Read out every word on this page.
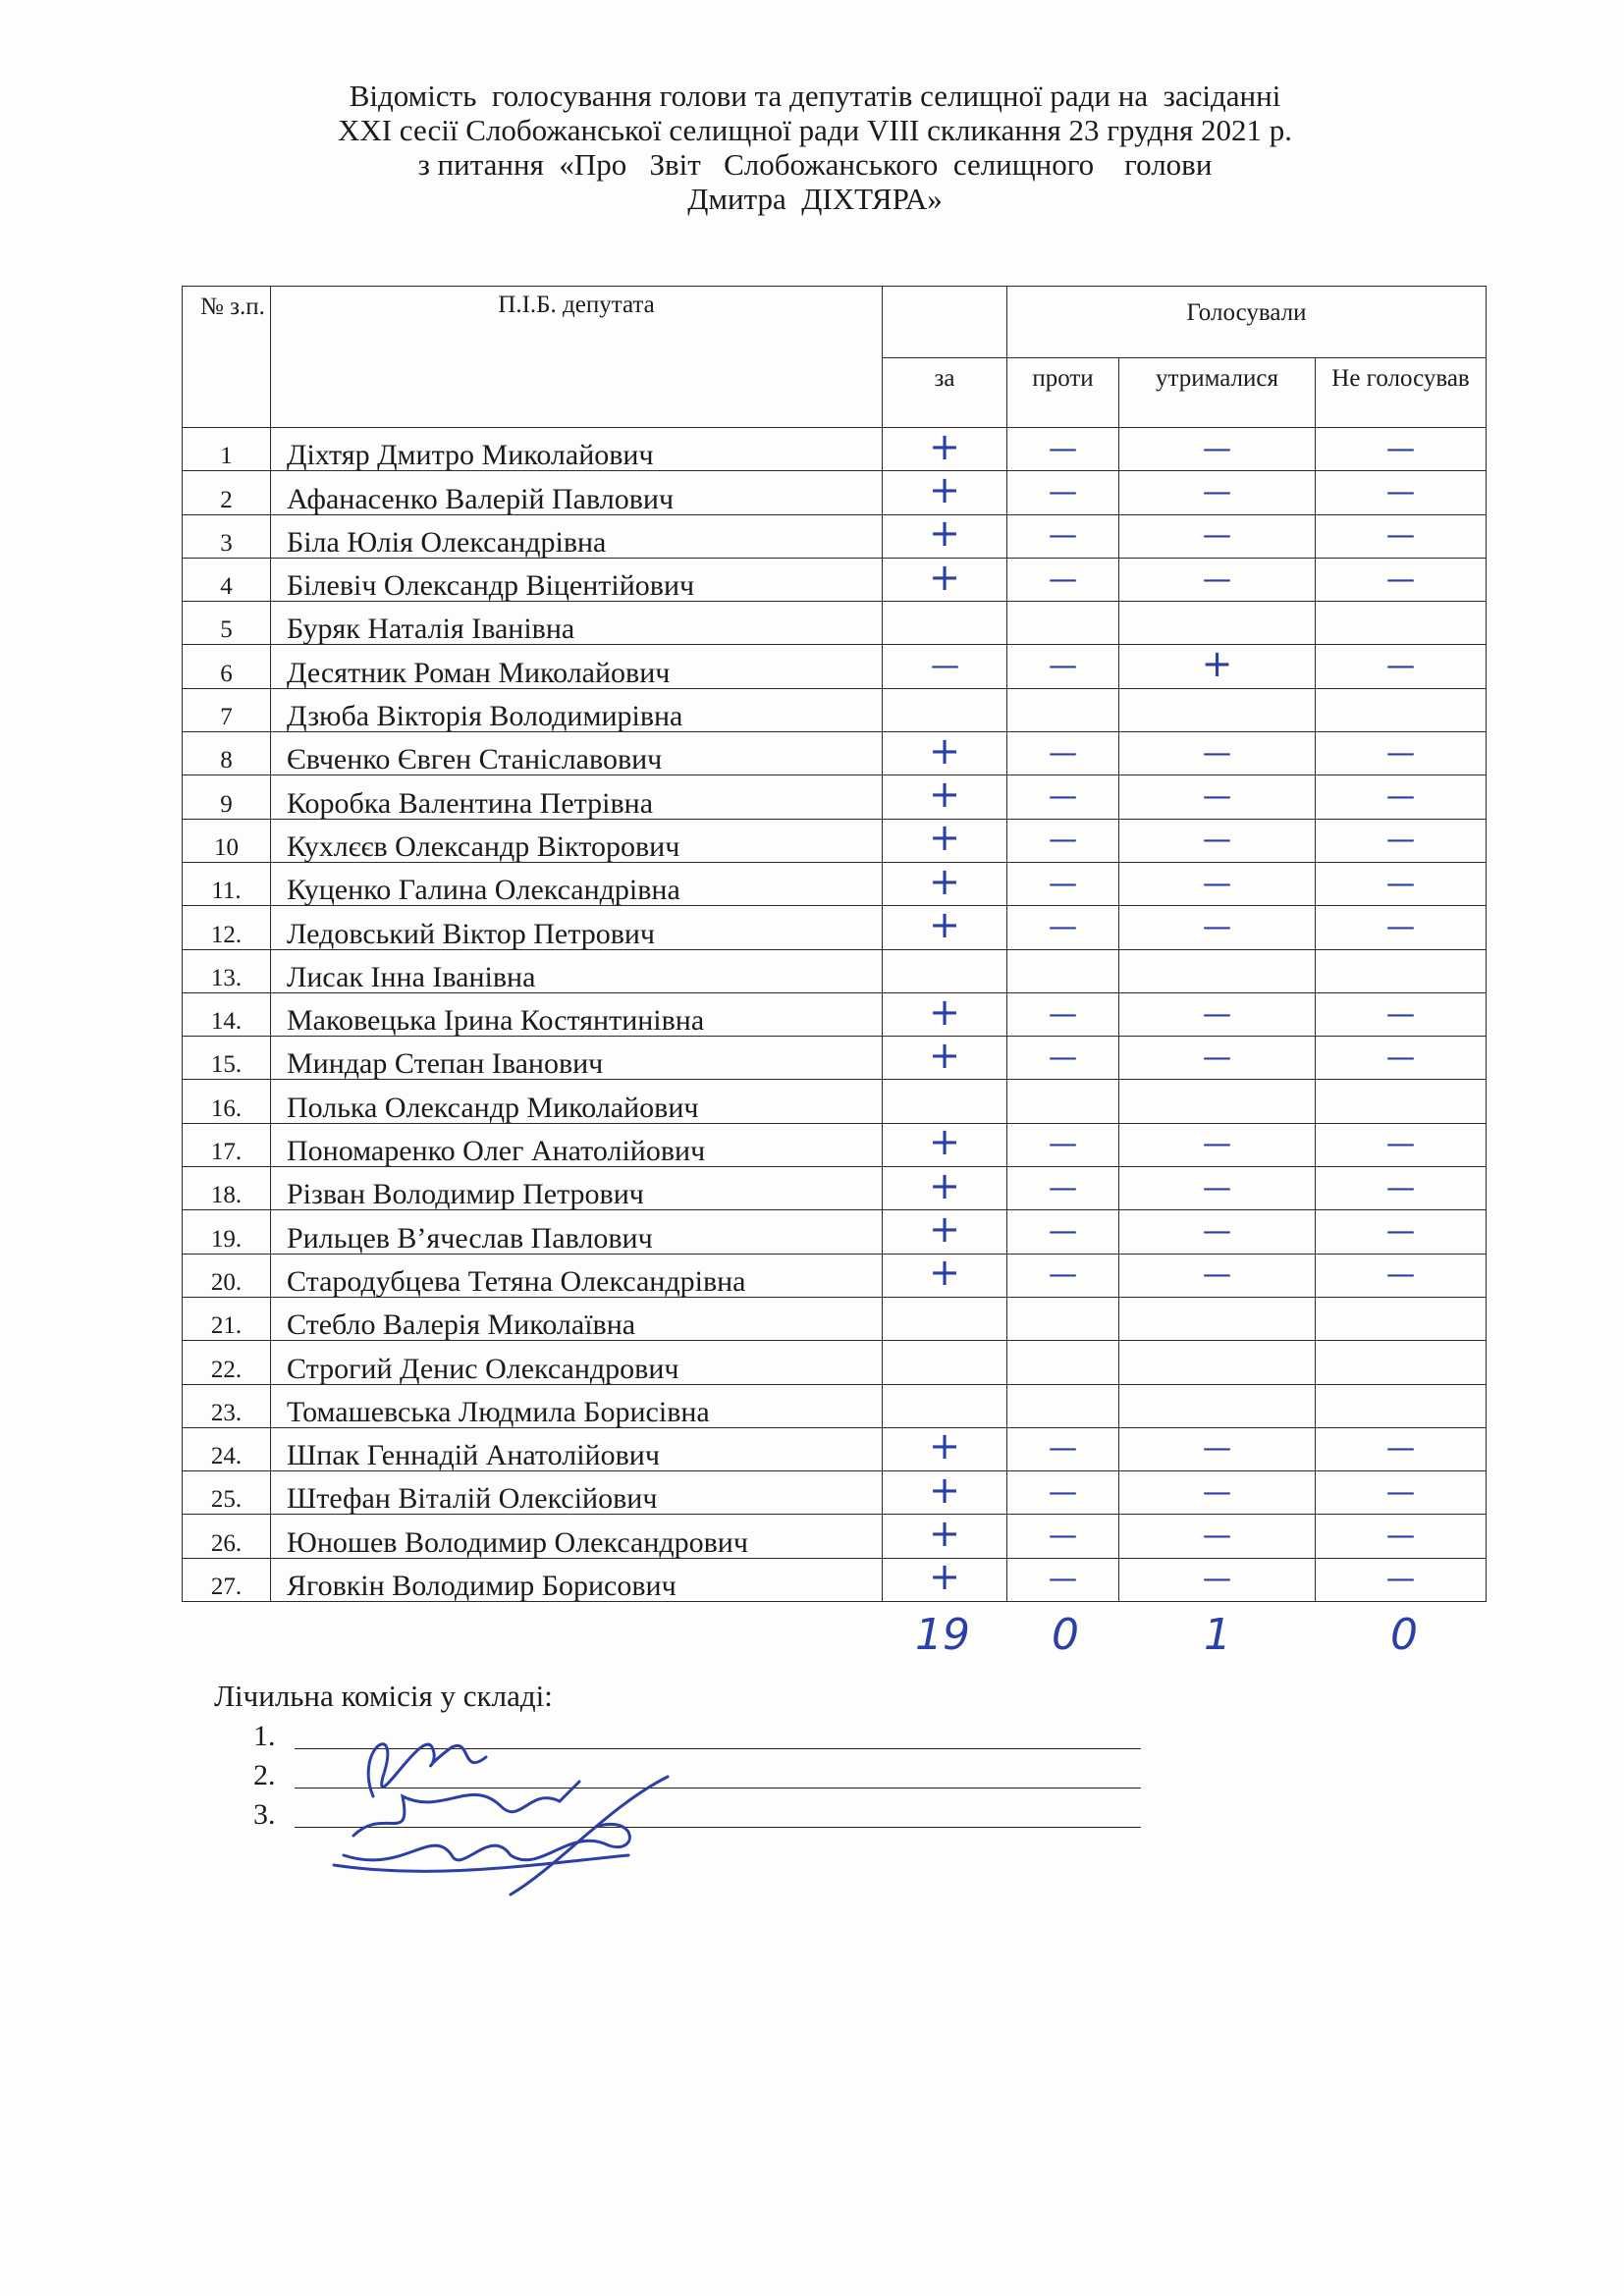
Відомість  голосування голови та депутатів селищної ради на  засіданні
XXI сесії Слобожанської селищної ради VIII скликання 23 грудня 2021 р.
з питання  «Про   Звіт   Слобожанського  селищного    голови
Дмитра  ДІХТЯРА»
№ з.п.	П.І.Б. депутата		Голосували		
		за	проти	утрималися	Не голосував
1	Діхтяр Дмитро Миколайович	+	–	–	–
2	Афанасенко Валерій Павлович	+	–	–	–
3	Біла Юлія Олександрівна	+	–	–	–
4	Білевіч Олександр Віцентійович	+	–	–	–
5	Буряк Наталія Іванівна				
6	Десятник Роман Миколайович	–	–	+	–
7	Дзюба Вікторія Володимирівна				
8	Євченко Євген Станіславович	+	–	–	–
9	Коробка Валентина Петрівна	+	–	–	–
10	Кухлєєв Олександр Вікторович	+	–	–	–
11.	Куценко Галина Олександрівна	+	–	–	–
12.	Ледовський Віктор Петрович	+	–	–	–
13.	Лисак Інна Іванівна				
14.	Маковецька Ірина Костянтинівна	+	–	–	–
15.	Миндар Степан Іванович	+	–	–	–
16.	Полька Олександр Миколайович				
17.	Пономаренко Олег Анатолійович	+	–	–	–
18.	Різван Володимир Петрович	+	–	–	–
19.	Рильцев В’ячеслав Павлович	+	–	–	–
20.	Стародубцева Тетяна Олександрівна	+	–	–	–
21.	Стебло Валерія Миколаївна				
22.	Строгий Денис Олександрович				
23.	Томашевська Людмила Борисівна				
24.	Шпак Геннадій Анатолійович	+	–	–	–
25.	Штефан Віталій Олексійович	+	–	–	–
26.	Юношев Володимир Олександрович	+	–	–	–
27.	Яговкін Володимир Борисович	+	–	–	–
19	0	1	0
Лічильна комісія у складі:
1.
2.
3.
